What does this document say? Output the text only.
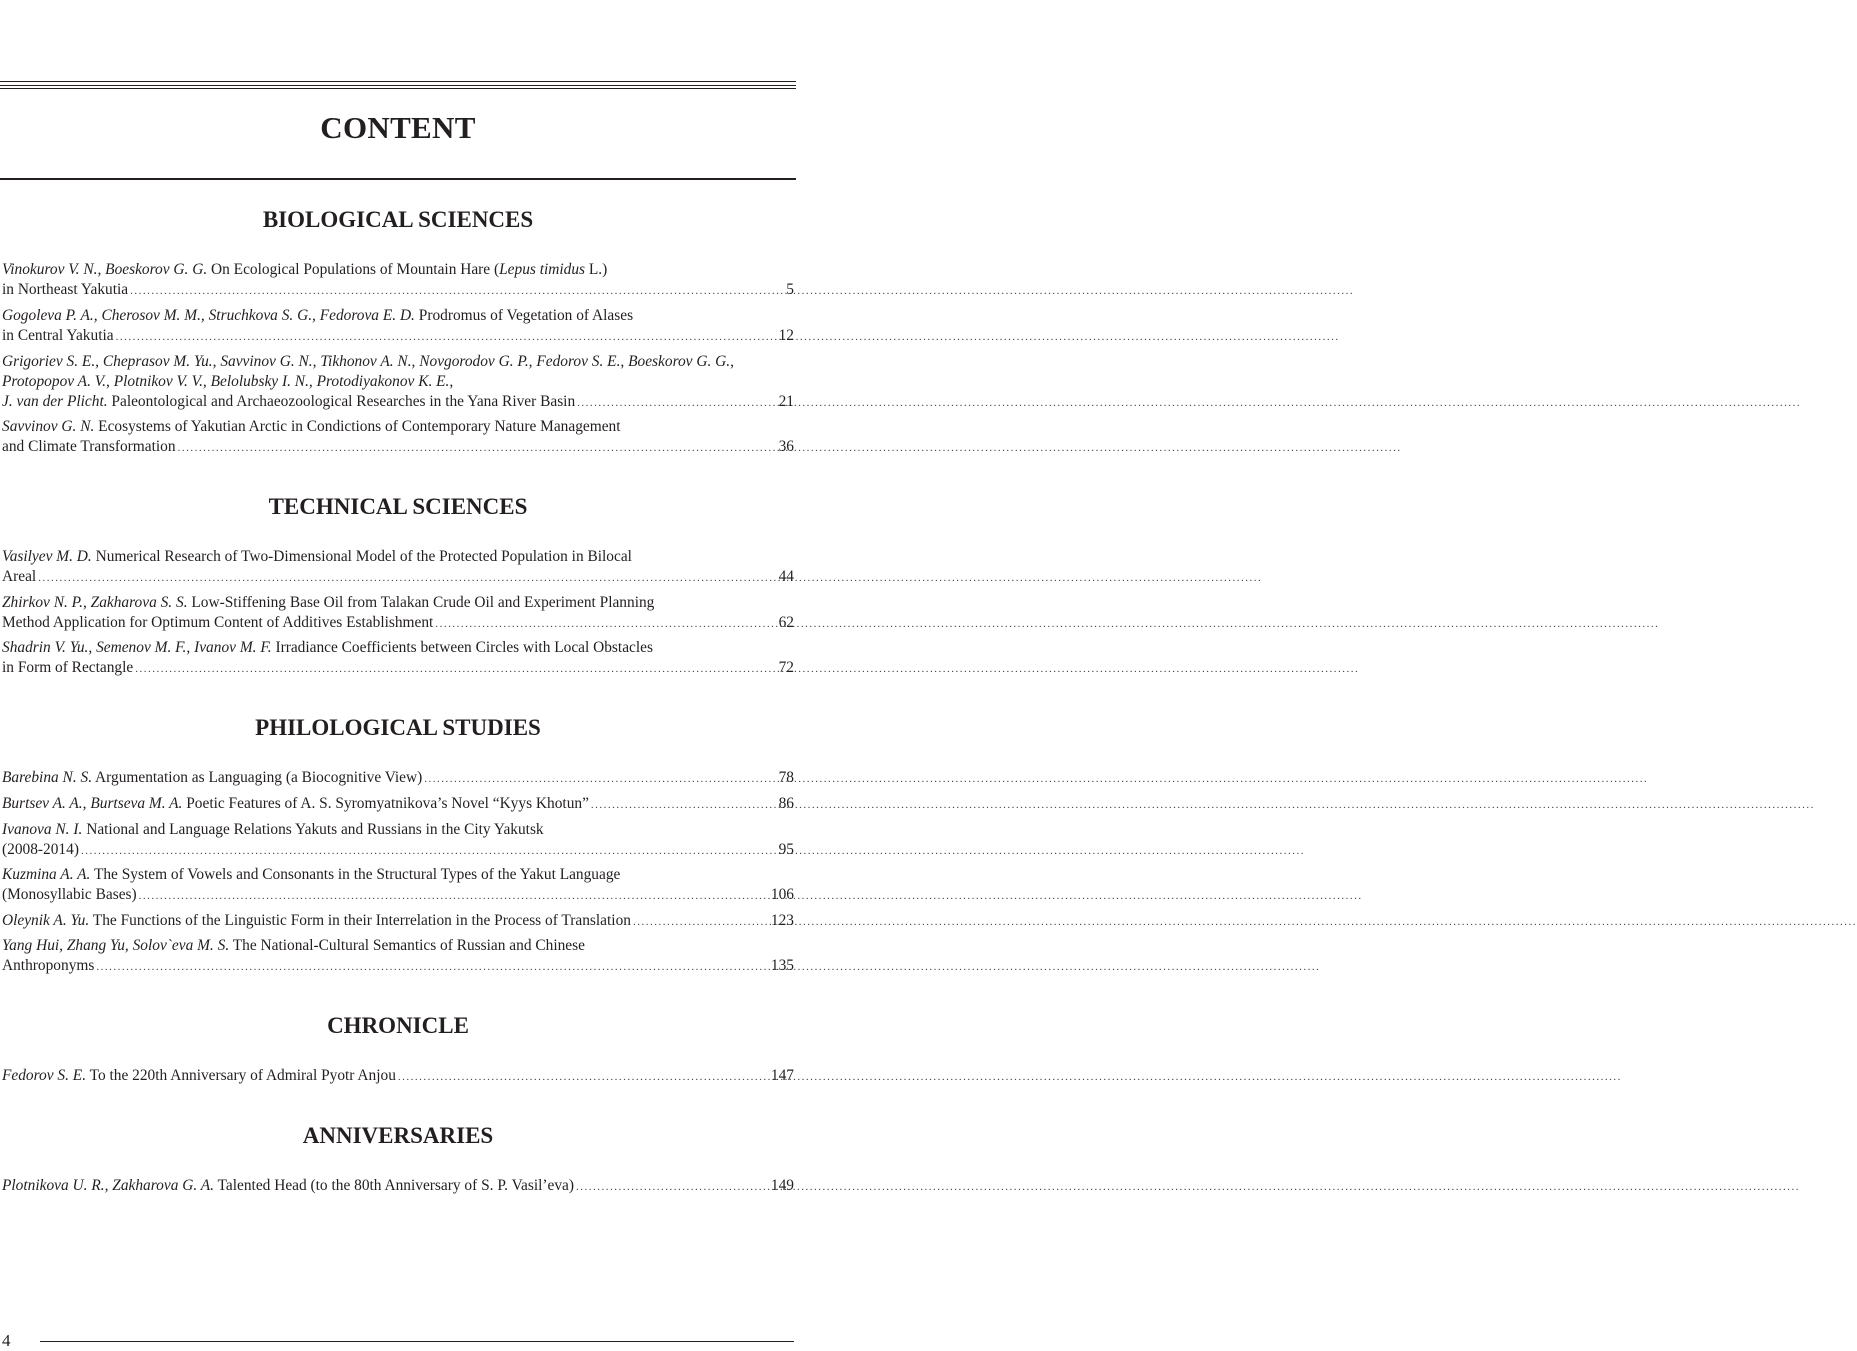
CONTENT
BIOLOGICAL SCIENCES
Vinokurov V. N., Boeskorov G. G. On Ecological Populations of Mountain Hare (Lepus timidus L.)
in Northeast Yakutia .....	5
Gogoleva P. A., Cherosov M. M., Struchkova S. G., Fedorova E. D. Prodromus of Vegetation of Alases
in Central Yakutia .....	12
Grigoriev S. E., Cheprasov M. Yu., Savvinov G. N., Tikhonov A. N., Novgorodov G. P., Fedorov S. E., Boeskorov G. G., Protopopov A. V., Plotnikov V. V., Belolubsky I. N., Protodiyakonov K. E.,
J. van der Plicht. Paleontological and Archaeozoological Researches in the Yana River Basin .....	21
Savvinov G. N. Ecosystems of Yakutian Arctic in Condictions of Contemporary Nature Management
and Climate Transformation .....	36
TECHNICAL SCIENCES
Vasilyev M. D. Numerical Research of Two-Dimensional Model of the Protected Population in Bilocal
Areal .....	44
Zhirkov N. P., Zakharova S. S. Low-Stiffening Base Oil from Talakan Crude Oil and Experiment Planning
Method Application for Optimum Content of Additives Establishment .....	62
Shadrin V. Yu., Semenov M. F., Ivanov M. F. Irradiance Coefficients between Circles with Local Obstacles
in Form of Rectangle .....	72
PHILOLOGICAL STUDIES
Barebina N. S. Argumentation as Languaging (a Biocognitive View) .....	78
Burtsev A. A., Burtseva M. A. Poetic Features of A. S. Syromyatnikova’s Novel “Kyys Khotun” .....	86
Ivanova N. I. National and Language Relations Yakuts and Russians in the City Yakutsk
(2008-2014) .....	95
Kuzmina A. A. The System of Vowels and Consonants in the Structural Types of the Yakut Language
(Monosyllabic Bases) .....	106
Oleynik A. Yu. The Functions of the Linguistic Form in their Interrelation in the Process of Translation .....	123
Yang Hui, Zhang Yu, Solov`eva M. S. The National-Cultural Semantics of Russian and Chinese
Anthroponyms .....	135
CHRONICLE
Fedorov S. E. To the 220th Anniversary of Admiral Pyotr Anjou .....	147
ANNIVERSARIES
Plotnikova U. R., Zakharova G. A. Talented Head (to the 80th Anniversary of S. P. Vasil’eva) .....	149
4
